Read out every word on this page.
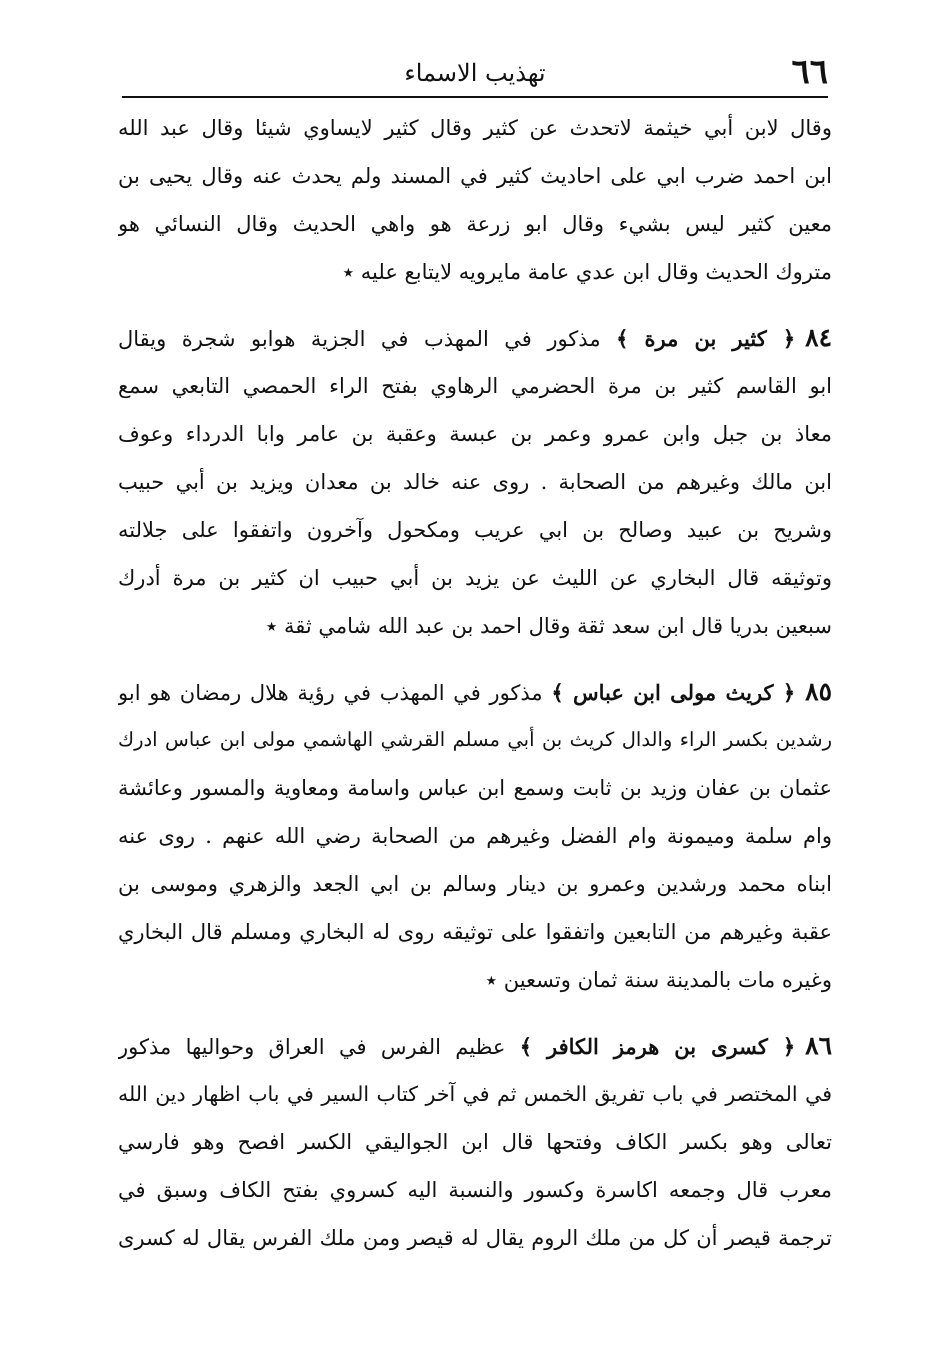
٦٦
تهذيب الاسماء
وقال لابن أبي خيثمة لاتحدث عن كثير وقال كثير لايساوي شيئا وقال عبد الله
ابن احمد ضرب ابي على احاديث كثير في المسند ولم يحدث عنه وقال يحيى بن
معين كثير ليس بشيء وقال ابو زرعة هو واهي الحديث وقال النسائي هو
متروك الحديث وقال ابن عدي عامة مايرويه لايتابع عليه ٭
٨٤﴿ كثير بن مرة ﴾ مذكور في المهذب في الجزية هوابو شجرة ويقال
ابو القاسم كثير بن مرة الحضرمي الرهاوي بفتح الراء الحمصي التابعي سمع
معاذ بن جبل وابن عمرو وعمر بن عبسة وعقبة بن عامر وابا الدرداء وعوف
ابن مالك وغيرهم من الصحابة . روى عنه خالد بن معدان ويزيد بن أبي حبيب
وشريح بن عبيد وصالح بن ابي عريب ومكحول وآخرون واتفقوا على جلالته
وتوثيقه قال البخاري عن الليث عن يزيد بن أبي حبيب ان كثير بن مرة أدرك
سبعين بدريا قال ابن سعد ثقة وقال احمد بن عبد الله شامي ثقة ٭
٨٥﴿ كريث مولى ابن عباس ﴾ مذكور في المهذب في رؤية هلال رمضان هو ابو
رشدين بكسر الراء والدال كريث بن أبي مسلم القرشي الهاشمي مولى ابن عباس ادرك
عثمان بن عفان وزيد بن ثابت وسمع ابن عباس واسامة ومعاوية والمسور وعائشة
وام سلمة وميمونة وام الفضل وغيرهم من الصحابة رضي الله عنهم . روى عنه
ابناه محمد ورشدين وعمرو بن دينار وسالم بن ابي الجعد والزهري وموسى بن
عقبة وغيرهم من التابعين واتفقوا على توثيقه روى له البخاري ومسلم قال البخاري
وغيره مات بالمدينة سنة ثمان وتسعين ٭
٨٦﴿ كسرى بن هرمز الكافر ﴾ عظيم الفرس في العراق وحواليها مذكور
في المختصر في باب تفريق الخمس ثم في آخر كتاب السير في باب اظهار دين الله
تعالى وهو بكسر الكاف وفتحها قال ابن الجواليقي الكسر افصح وهو فارسي
معرب قال وجمعه اكاسرة وكسور والنسبة اليه كسروي بفتح الكاف وسبق في
ترجمة قيصر أن كل من ملك الروم يقال له قيصر ومن ملك الفرس يقال له كسرى
